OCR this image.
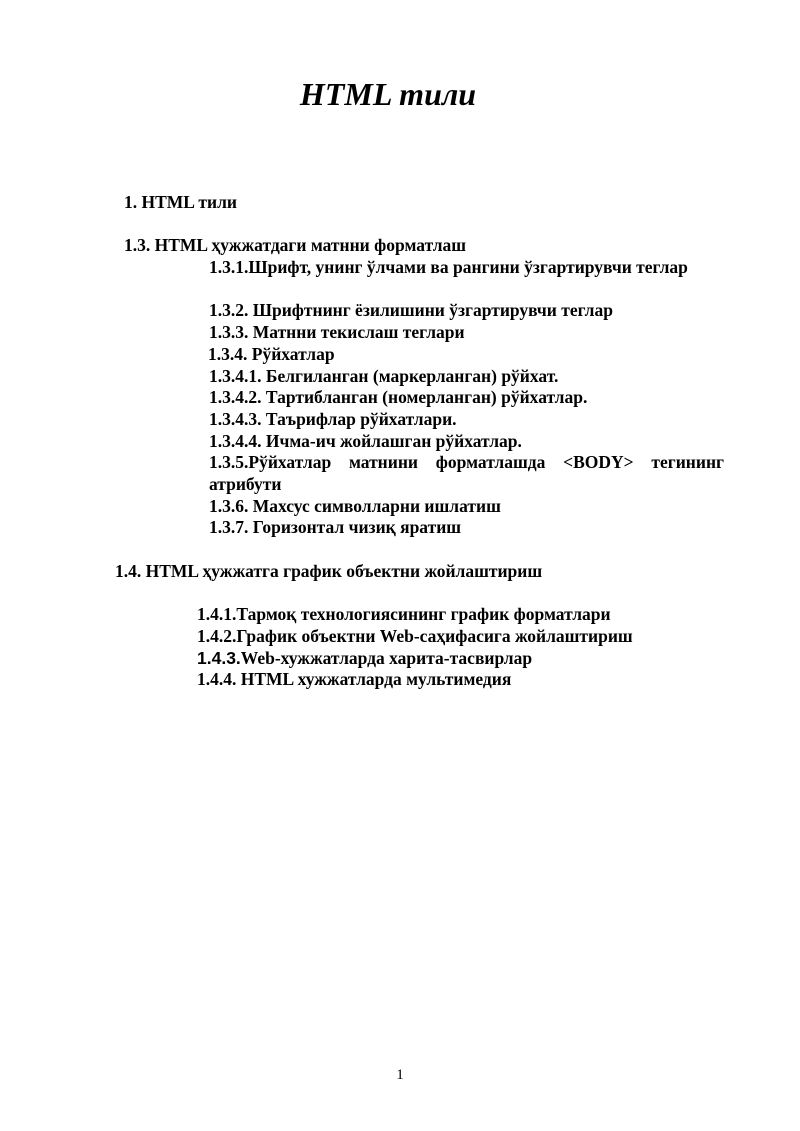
HTML тили
1. HTML тили
1.3. HTML ҳужжатдаги матнни форматлаш
1.3.1.Шрифт, унинг ўлчами ва рангини ўзгартирувчи теглар
1.3.2. Шрифтнинг ёзилишини ўзгартирувчи теглар
1.3.3. Матнни текислаш теглари
1.3.4. Рўйхатлар
1.3.4.1. Белгиланган (маркерланган) рўйхат.
1.3.4.2. Тартибланган (номерланган) рўйхатлар.
1.3.4.3. Таърифлар рўйхатлари.
1.3.4.4. Ичма-ич жойлашган рўйхатлар.
1.3.5.Рўйхатлар матнини форматлашда <BODY> тегининг атрибути
1.3.6. Махсус символларни ишлатиш
1.3.7. Горизонтал чизиқ яратиш
1.4. HTML ҳужжатга график объектни жойлаштириш
1.4.1.Тармоқ технологиясининг график форматлари
1.4.2.График объектни Web-саҳифасига жойлаштириш
1.4.3.Web-хужжатларда харита-тасвирлар
1.4.4. HTML хужжатларда мультимедия
1
